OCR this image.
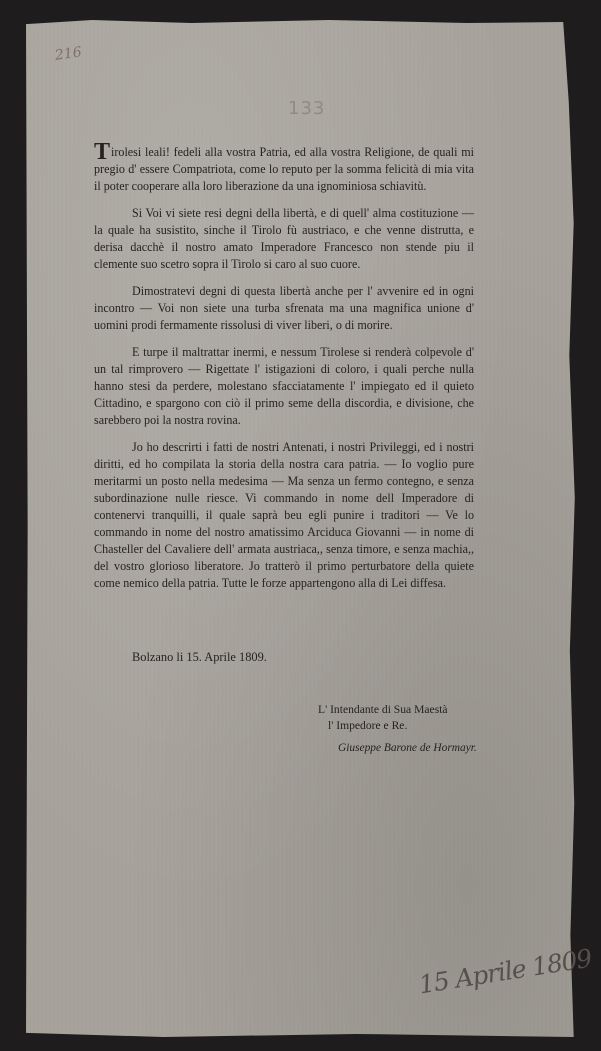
216
133

Tirolesi leali! fedeli alla vostra Patria, ed alla vostra Religione, de quali mi pregio d' essere Compatriota, come lo reputo per la somma felicità di mia vita il poter cooperare alla loro liberazione da una ignominiosa schiavitù.

Si Voi vi siete resi degni della libertà, e di quell' alma costituzione — la quale ha susistito, sinche il Tirolo fù austriaco, e che venne distrutta, e derisa dacchè il nostro amato Imperadore Francesco non stende piu il clemente suo scetro sopra il Tirolo si caro al suo cuore.

Dimostratevi degni di questa libertà anche per l' avvenire ed in ogni incontro — Voi non siete una turba sfrenata ma una magnifica unione d' uomini prodi fermamente rissolusi di viver liberi, o di morire.

E turpe il maltrattar inermi, e nessum Tirolese si renderà colpevole d' un tal rimprovero — Rigettate l' istigazioni di coloro, i quali perche nulla hanno stesi da perdere, molestano sfacciatamente l' impiegato ed il quieto Cittadino, e spargono con ciò il primo seme della discordia, e divisione, che sarebbero poi la nostra rovina.

Jo ho descrirti i fatti de nostri Antenati, i nostri Privileggi, ed i nostri diritti, ed ho compilata la storia della nostra cara patria. — Io voglio pure meritarmi un posto nella medesima — Ma senza un fermo contegno, e senza subordinazione nulle riesce. Vi commando in nome dell Imperadore di contenervi tranquilli, il quale saprà beu egli punire i traditori — Ve lo commando in nome del nostro amatissimo Arciduca Giovanni — in nome di Chasteller del Cavaliere dell' armata austriaca,, senza timore, e senza machia,, del vostro glorioso liberatore. Jo tratterò il primo perturbatore della quiete come nemico della patria. Tutte le forze appartengono alla di Lei diffesa.

Bolzano li 15. Aprile 1809.
L' Intendante di Sua Maestà
l' Impedore e Re.
Giuseppe Barone de Hormayr.
15 Aprile 1809
